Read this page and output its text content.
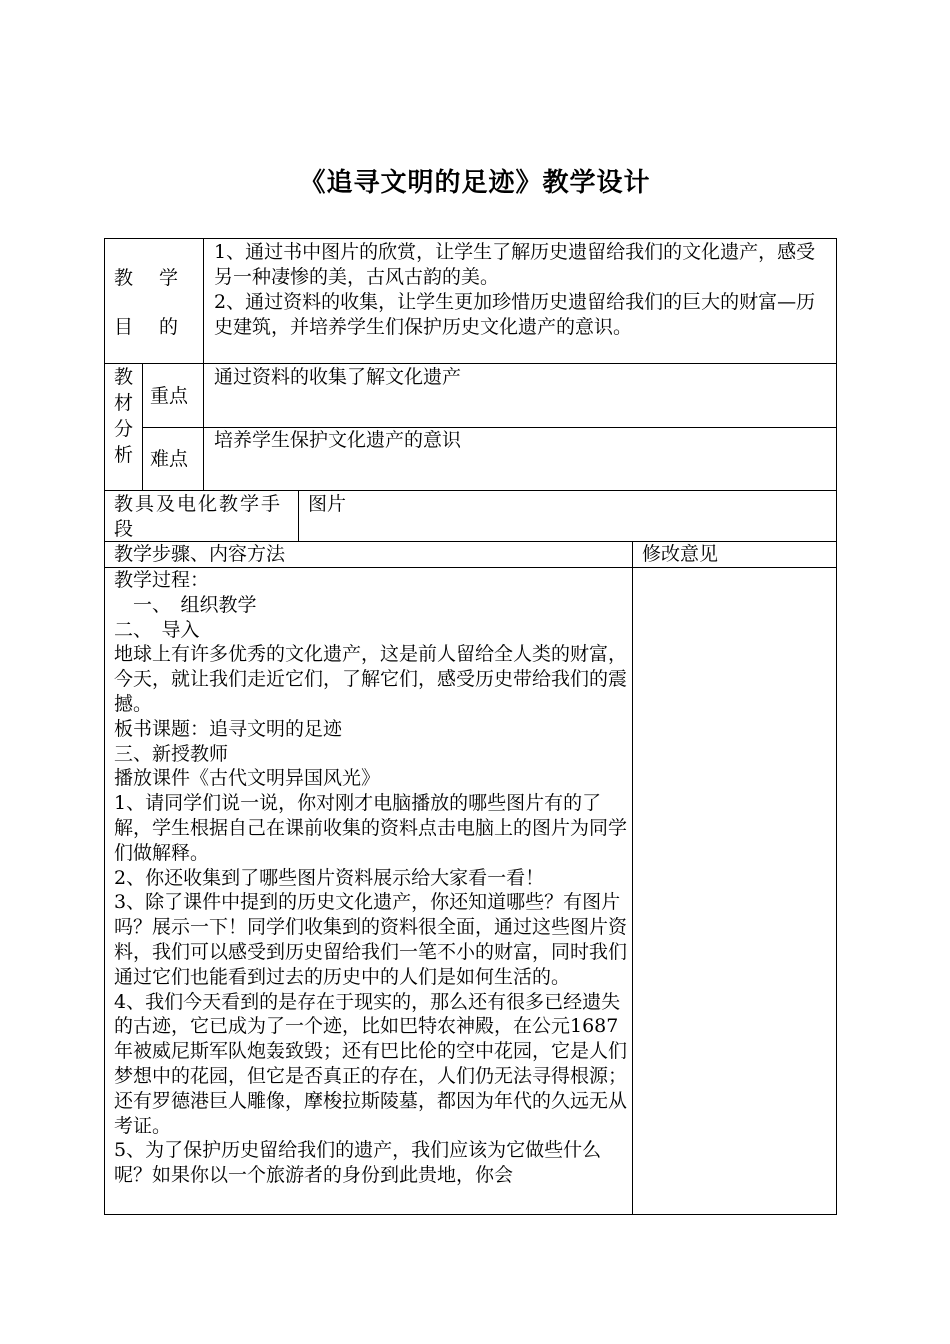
《追寻文明的足迹》教学设计
教 学
目 的

1、通过书中图片的欣赏，让学生了解历史遗留给我们的文化遗产，感受另一种凄惨的美，古风古韵的美。

2、通过资料的收集，让学生更加珍惜历史遗留给我们的巨大的财富—历史建筑，并培养学生们保护历史文化遗产的意识。

教
材
分
析
重点
通过资料的收集了解文化遗产
难点
培养学生保护文化遗产的意识
教具及电化教学手段
图片
教学步骤、内容方法	修改意见

教学过程：

　一、　组织教学

二、　导入

地球上有许多优秀的文化遗产，这是前人留给全人类的财富，今天，就让我们走近它们，了解它们，感受历史带给我们的震撼。

板书课题：追寻文明的足迹

三、新授教师

播放课件《古代文明异国风光》

1、请同学们说一说，你对刚才电脑播放的哪些图片有的了解，学生根据自己在课前收集的资料点击电脑上的图片为同学们做解释。

2、你还收集到了哪些图片资料展示给大家看一看！

3、除了课件中提到的历史文化遗产，你还知道哪些？有图片吗？展示一下！同学们收集到的资料很全面，通过这些图片资料，我们可以感受到历史留给我们一笔不小的财富，同时我们通过它们也能看到过去的历史中的人们是如何生活的。

4、我们今天看到的是存在于现实的，那么还有很多已经遗失的古迹，它已成为了一个迹，比如巴特农神殿，在公元1687年被威尼斯军队炮轰致毁；还有巴比伦的空中花园，它是人们梦想中的花园，但它是否真正的存在，人们仍无法寻得根源；还有罗德港巨人雕像，摩梭拉斯陵墓，都因为年代的久远无从考证。

5、为了保护历史留给我们的遗产，我们应该为它做些什么呢？如果你以一个旅游者的身份到此贵地，你会
